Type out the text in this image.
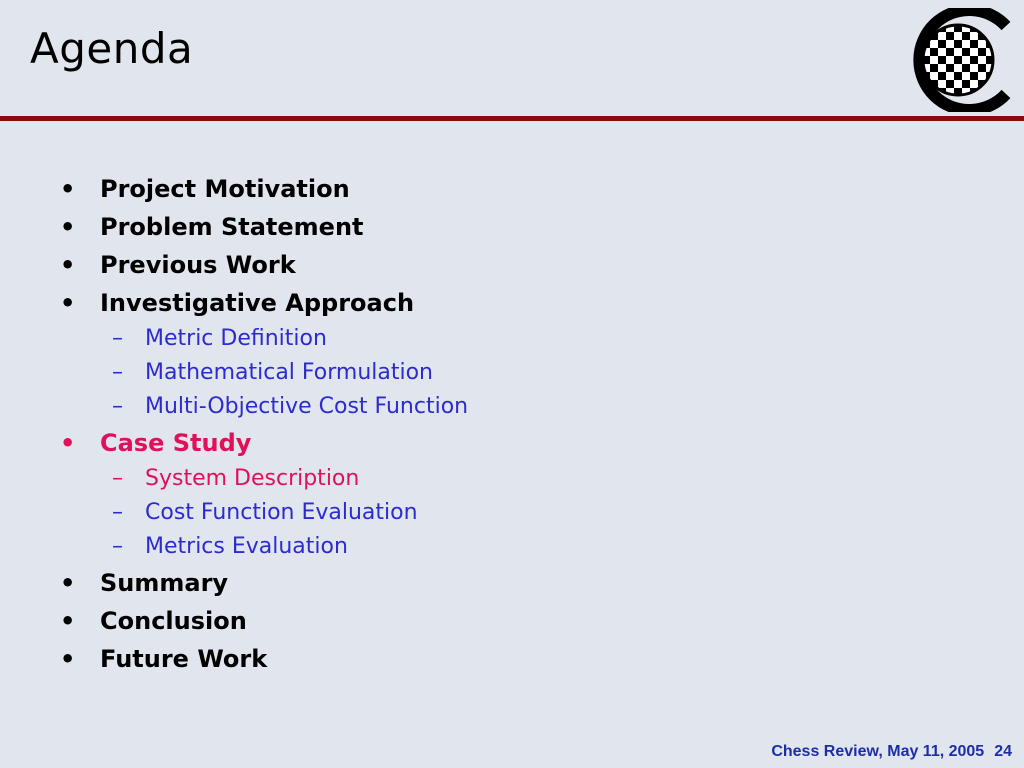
Agenda
• Project Motivation
• Problem Statement
• Previous Work
• Investigative Approach
– Metric Definition
– Mathematical Formulation
– Multi-Objective Cost Function
• Case Study
– System Description
– Cost Function Evaluation
– Metrics Evaluation
• Summary
• Conclusion
• Future Work
Chess Review, May 11, 2005 24
